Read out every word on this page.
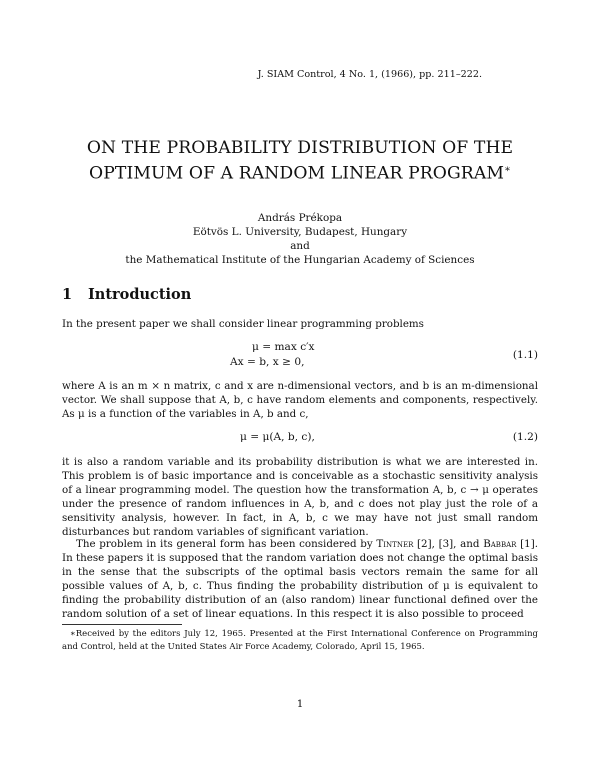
J. SIAM Control, 4 No. 1, (1966), pp. 211–222.
ON THE PROBABILITY DISTRIBUTION OF THE
OPTIMUM OF A RANDOM LINEAR PROGRAM∗
András Prékopa
Eötvös L. University, Budapest, Hungary
and
the Mathematical Institute of the Hungarian Academy of Sciences
1 Introduction

In the present paper we shall consider linear programming problems

μ = max c′x
Ax = b, x ≥ 0,
(1.1)

where A is an m × n matrix, c and x are n-dimensional vectors, and b is an m-dimensional vector. We shall suppose that A, b, c have random elements and components, respectively. As μ is a function of the variables in A, b and c,

μ = μ(A, b, c),	(1.2)

it is also a random variable and its probability distribution is what we are interested in. This problem is of basic importance and is conceivable as a stochastic sensitivity analysis of a linear programming model. The question how the transformation A, b, c → μ operates under the presence of random influences in A, b, and c does not play just the role of a sensitivity analysis, however. In fact, in A, b, c we may have not just small random disturbances but random variables of significant variation.

The problem in its general form has been considered by Tintner [2], [3], and Babbar [1]. In these papers it is supposed that the random variation does not change the optimal basis in the sense that the subscripts of the optimal basis vectors remain the same for all possible values of A, b, c. Thus finding the probability distribution of μ is equivalent to finding the probability distribution of an (also random) linear functional defined over the random solution of a set of linear equations. In this respect it is also possible to proceed

∗Received by the editors July 12, 1965. Presented at the First International Conference on Programming and Control, held at the United States Air Force Academy, Colorado, April 15, 1965.

1
